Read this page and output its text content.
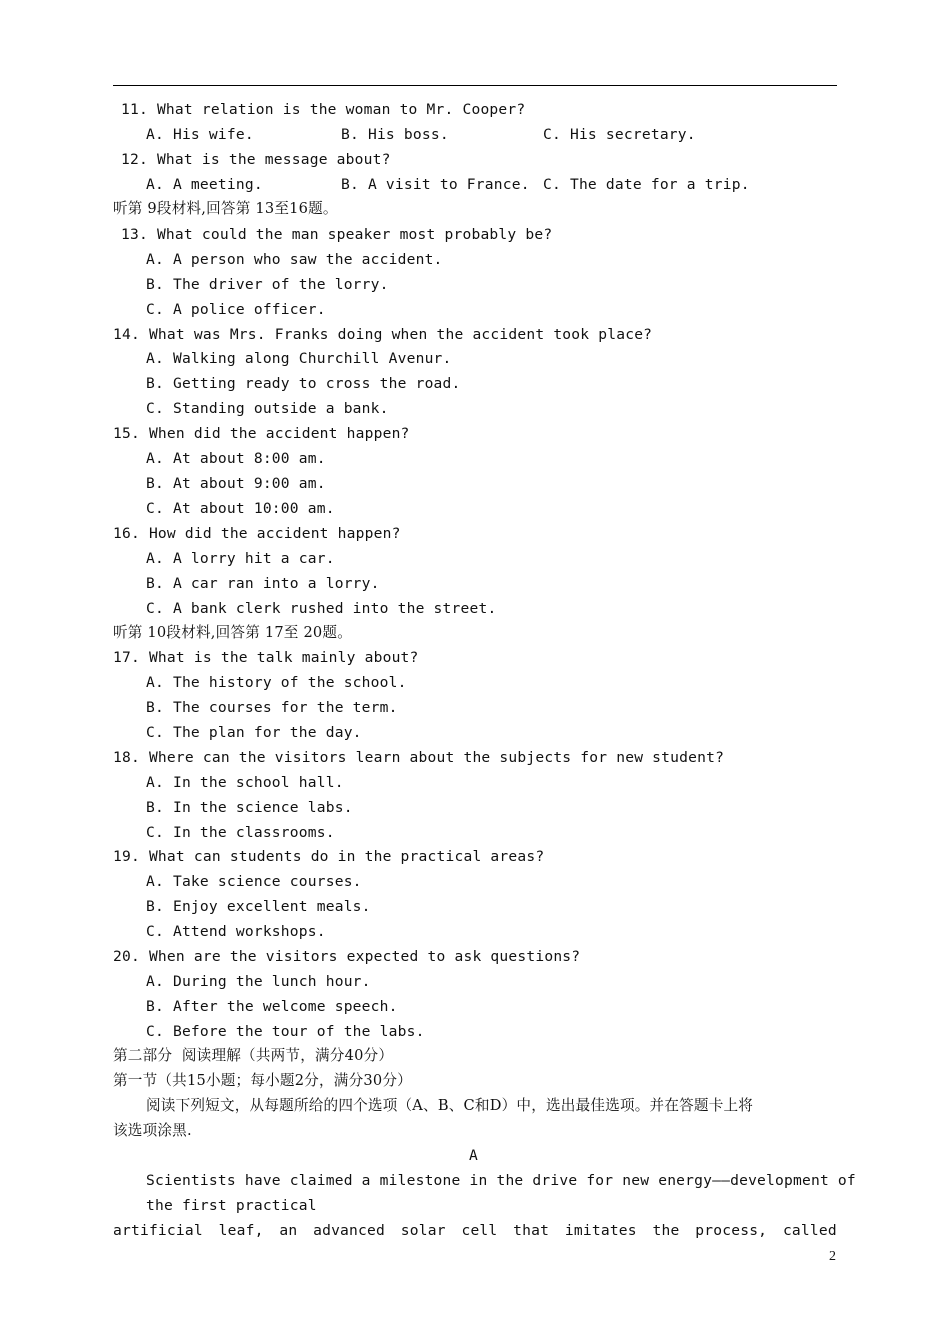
11. What relation is the woman to Mr. Cooper?
A. His wife.	B. His boss.	C. His secretary.
12. What is the message about?
A. A meeting.	B. A visit to France. C. The date for a trip.
听第 9段材料,回答第 13至16题。
13. What could the man speaker most probably be?
A. A person who saw the accident.
B. The driver of the lorry.
C. A police officer.
14. What was Mrs. Franks doing when the accident took place?
A. Walking along Churchill Avenur.
B. Getting ready to cross the road.
C. Standing outside a bank.
15. When did the accident happen?
A. At about 8:00 am.
B. At about 9:00 am.
C. At about 10:00 am.
16. How did the accident happen?
A. A lorry hit a car.
B. A car ran into a lorry.
C. A bank clerk rushed into the street.
听第 10段材料,回答第 17至 20题。
17. What is the talk mainly about?
A. The history of the school.
B. The courses for the term.
C. The plan for the day.
18. Where can the visitors learn about the subjects for new student?
A. In the school hall.
B. In the science labs.
C. In the classrooms.
19. What can students do in the practical areas?
A. Take science courses.
B. Enjoy excellent meals.
C. Attend workshops.
20. When are the visitors expected to ask questions?
A. During the lunch hour.
B. After the welcome speech.
C. Before the tour of the labs.
第二部分  阅读理解（共两节，满分40分）
第一节（共15小题；每小题2分，满分30分）
阅读下列短文，从每题所给的四个选项（A、B、C和D）中，选出最佳选项。并在答题卡上将
该选项涂黑.
A
Scientists have claimed a milestone in the drive for new energy——development of
the first practical
artificial leaf, an advanced solar cell that imitates the process, called
2
